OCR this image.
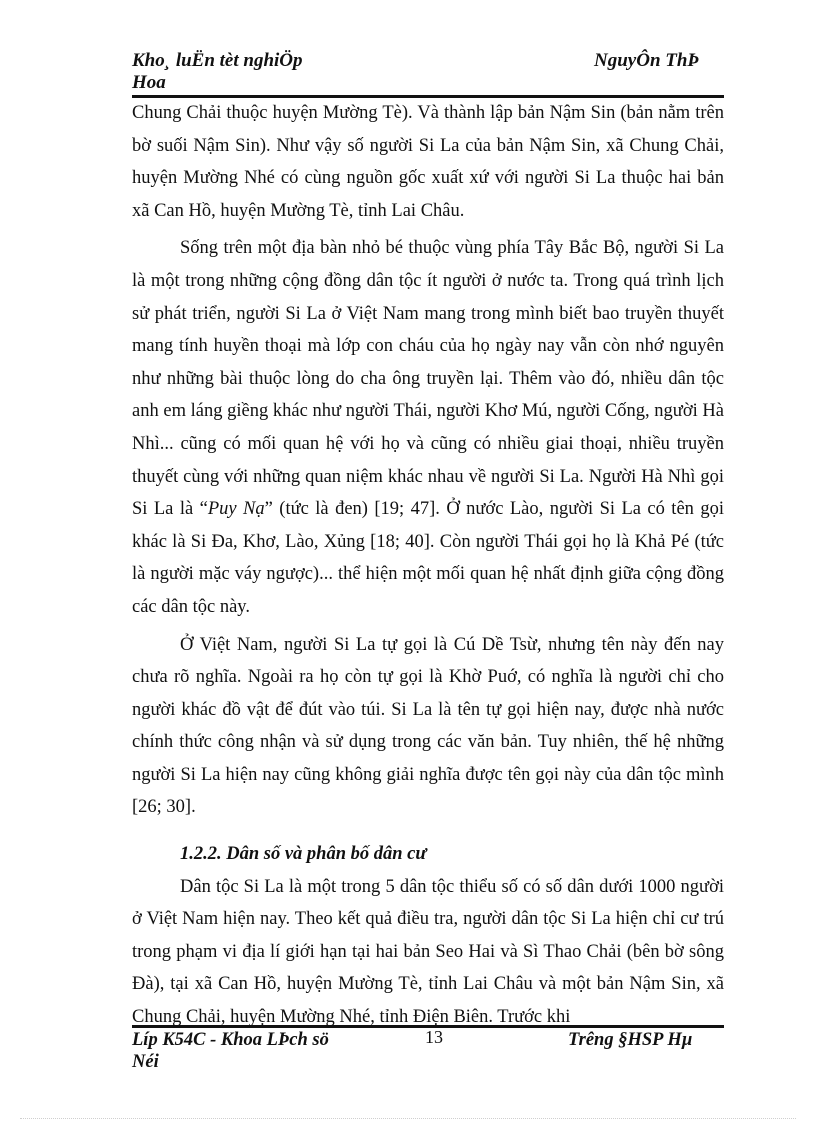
Kho¸ luËn tèt nghiÖp
Hoa
NguyÔn ThÞ

Chung Chải thuộc huyện Mường Tè). Và thành lập bản Nậm Sin (bản nằm trên bờ suối Nậm Sin). Như vậy số người Si La của bản Nậm Sin, xã Chung Chải, huyện Mường Nhé có cùng nguồn gốc xuất xứ với người Si La thuộc hai bản xã Can Hồ, huyện Mường Tè, tỉnh Lai Châu.

Sống trên một địa bàn nhỏ bé thuộc vùng phía Tây Bắc Bộ, người Si La là một trong những cộng đồng dân tộc ít người ở nước ta. Trong quá trình lịch sử phát triển, người Si La ở Việt Nam mang trong mình biết bao truyền thuyết mang tính huyền thoại mà lớp con cháu của họ ngày nay vẫn còn nhớ nguyên như những bài thuộc lòng do cha ông truyền lại. Thêm vào đó, nhiều dân tộc anh em láng giềng khác như người Thái, người Khơ Mú, người Cống, người Hà Nhì... cũng có mối quan hệ với họ và cũng có nhiều giai thoại, nhiều truyền thuyết cùng với những quan niệm khác nhau về người Si La. Người Hà Nhì gọi Si La là “Puy Nạ” (tức là đen) [19; 47]. Ở nước Lào, người Si La có tên gọi khác là Si Đa, Khơ, Lào, Xủng [18; 40]. Còn người Thái gọi họ là Khả Pé (tức là người mặc váy ngược)... thể hiện một mối quan hệ nhất định giữa cộng đồng các dân tộc này.

Ở Việt Nam, người Si La tự gọi là Cú Dề Tsừ, nhưng tên này đến nay chưa rõ nghĩa. Ngoài ra họ còn tự gọi là Khờ Puớ, có nghĩa là người chỉ cho người khác đồ vật để đút vào túi. Si La là tên tự gọi hiện nay, được nhà nước chính thức công nhận và sử dụng trong các văn bản. Tuy nhiên, thế hệ những người Si La hiện nay cũng không giải nghĩa được tên gọi này của dân tộc mình [26; 30].

1.2.2. Dân số và phân bố dân cư

Dân tộc Si La là một trong 5 dân tộc thiểu số có số dân dưới 1000 người ở Việt Nam hiện nay. Theo kết quả điều tra, người dân tộc Si La hiện chỉ cư trú trong phạm vi địa lí giới hạn tại hai bản Seo Hai và Sì Thao Chải (bên bờ sông Đà), tại xã Can Hồ, huyện Mường Tè, tỉnh Lai Châu và một bản Nậm Sin, xã Chung Chải, huyện Mường Nhé, tỉnh Điện Biên. Trước khi

Líp K54C - Khoa LÞch sö
Néi
13	Trêng §HSP Hµ
